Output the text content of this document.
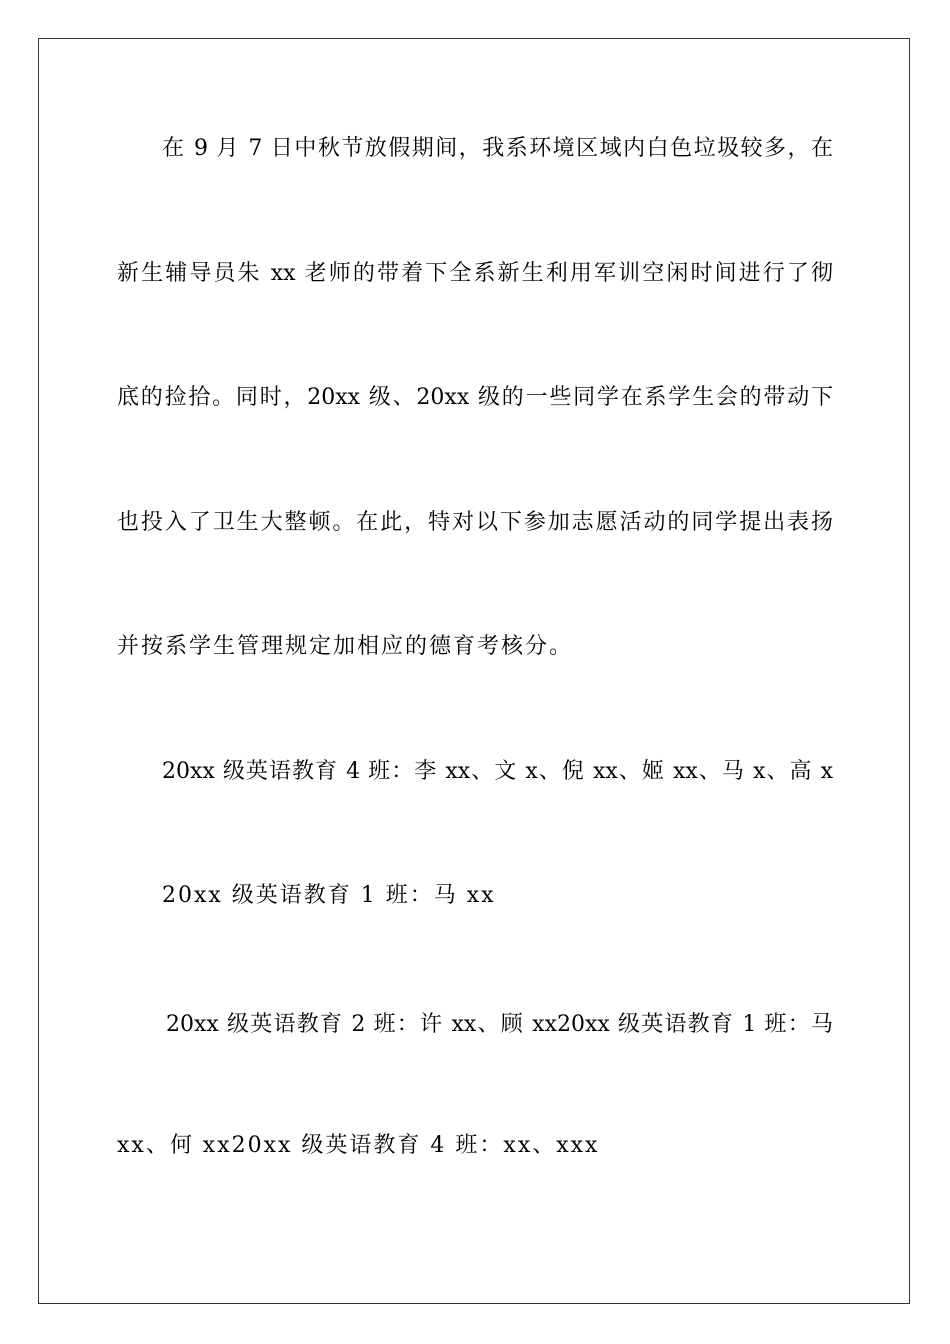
在 9 月 7 日中秋节放假期间，我系环境区域内白色垃圾较多，在
新生辅导员朱 xx 老师的带着下全系新生利用军训空闲时间进行了彻
底的捡拾。同时，20xx 级、20xx 级的一些同学在系学生会的带动下
也投入了卫生大整顿。在此，特对以下参加志愿活动的同学提出表扬
并按系学生管理规定加相应的德育考核分。
20xx 级英语教育 4 班：李 xx、文 x、倪 xx、姬 xx、马 x、高 x
20xx 级英语教育 1 班：马 xx
20xx 级英语教育 2 班：许 xx、顾 xx20xx 级英语教育 1 班：马
xx、何 xx20xx 级英语教育 4 班：xx、xxx
